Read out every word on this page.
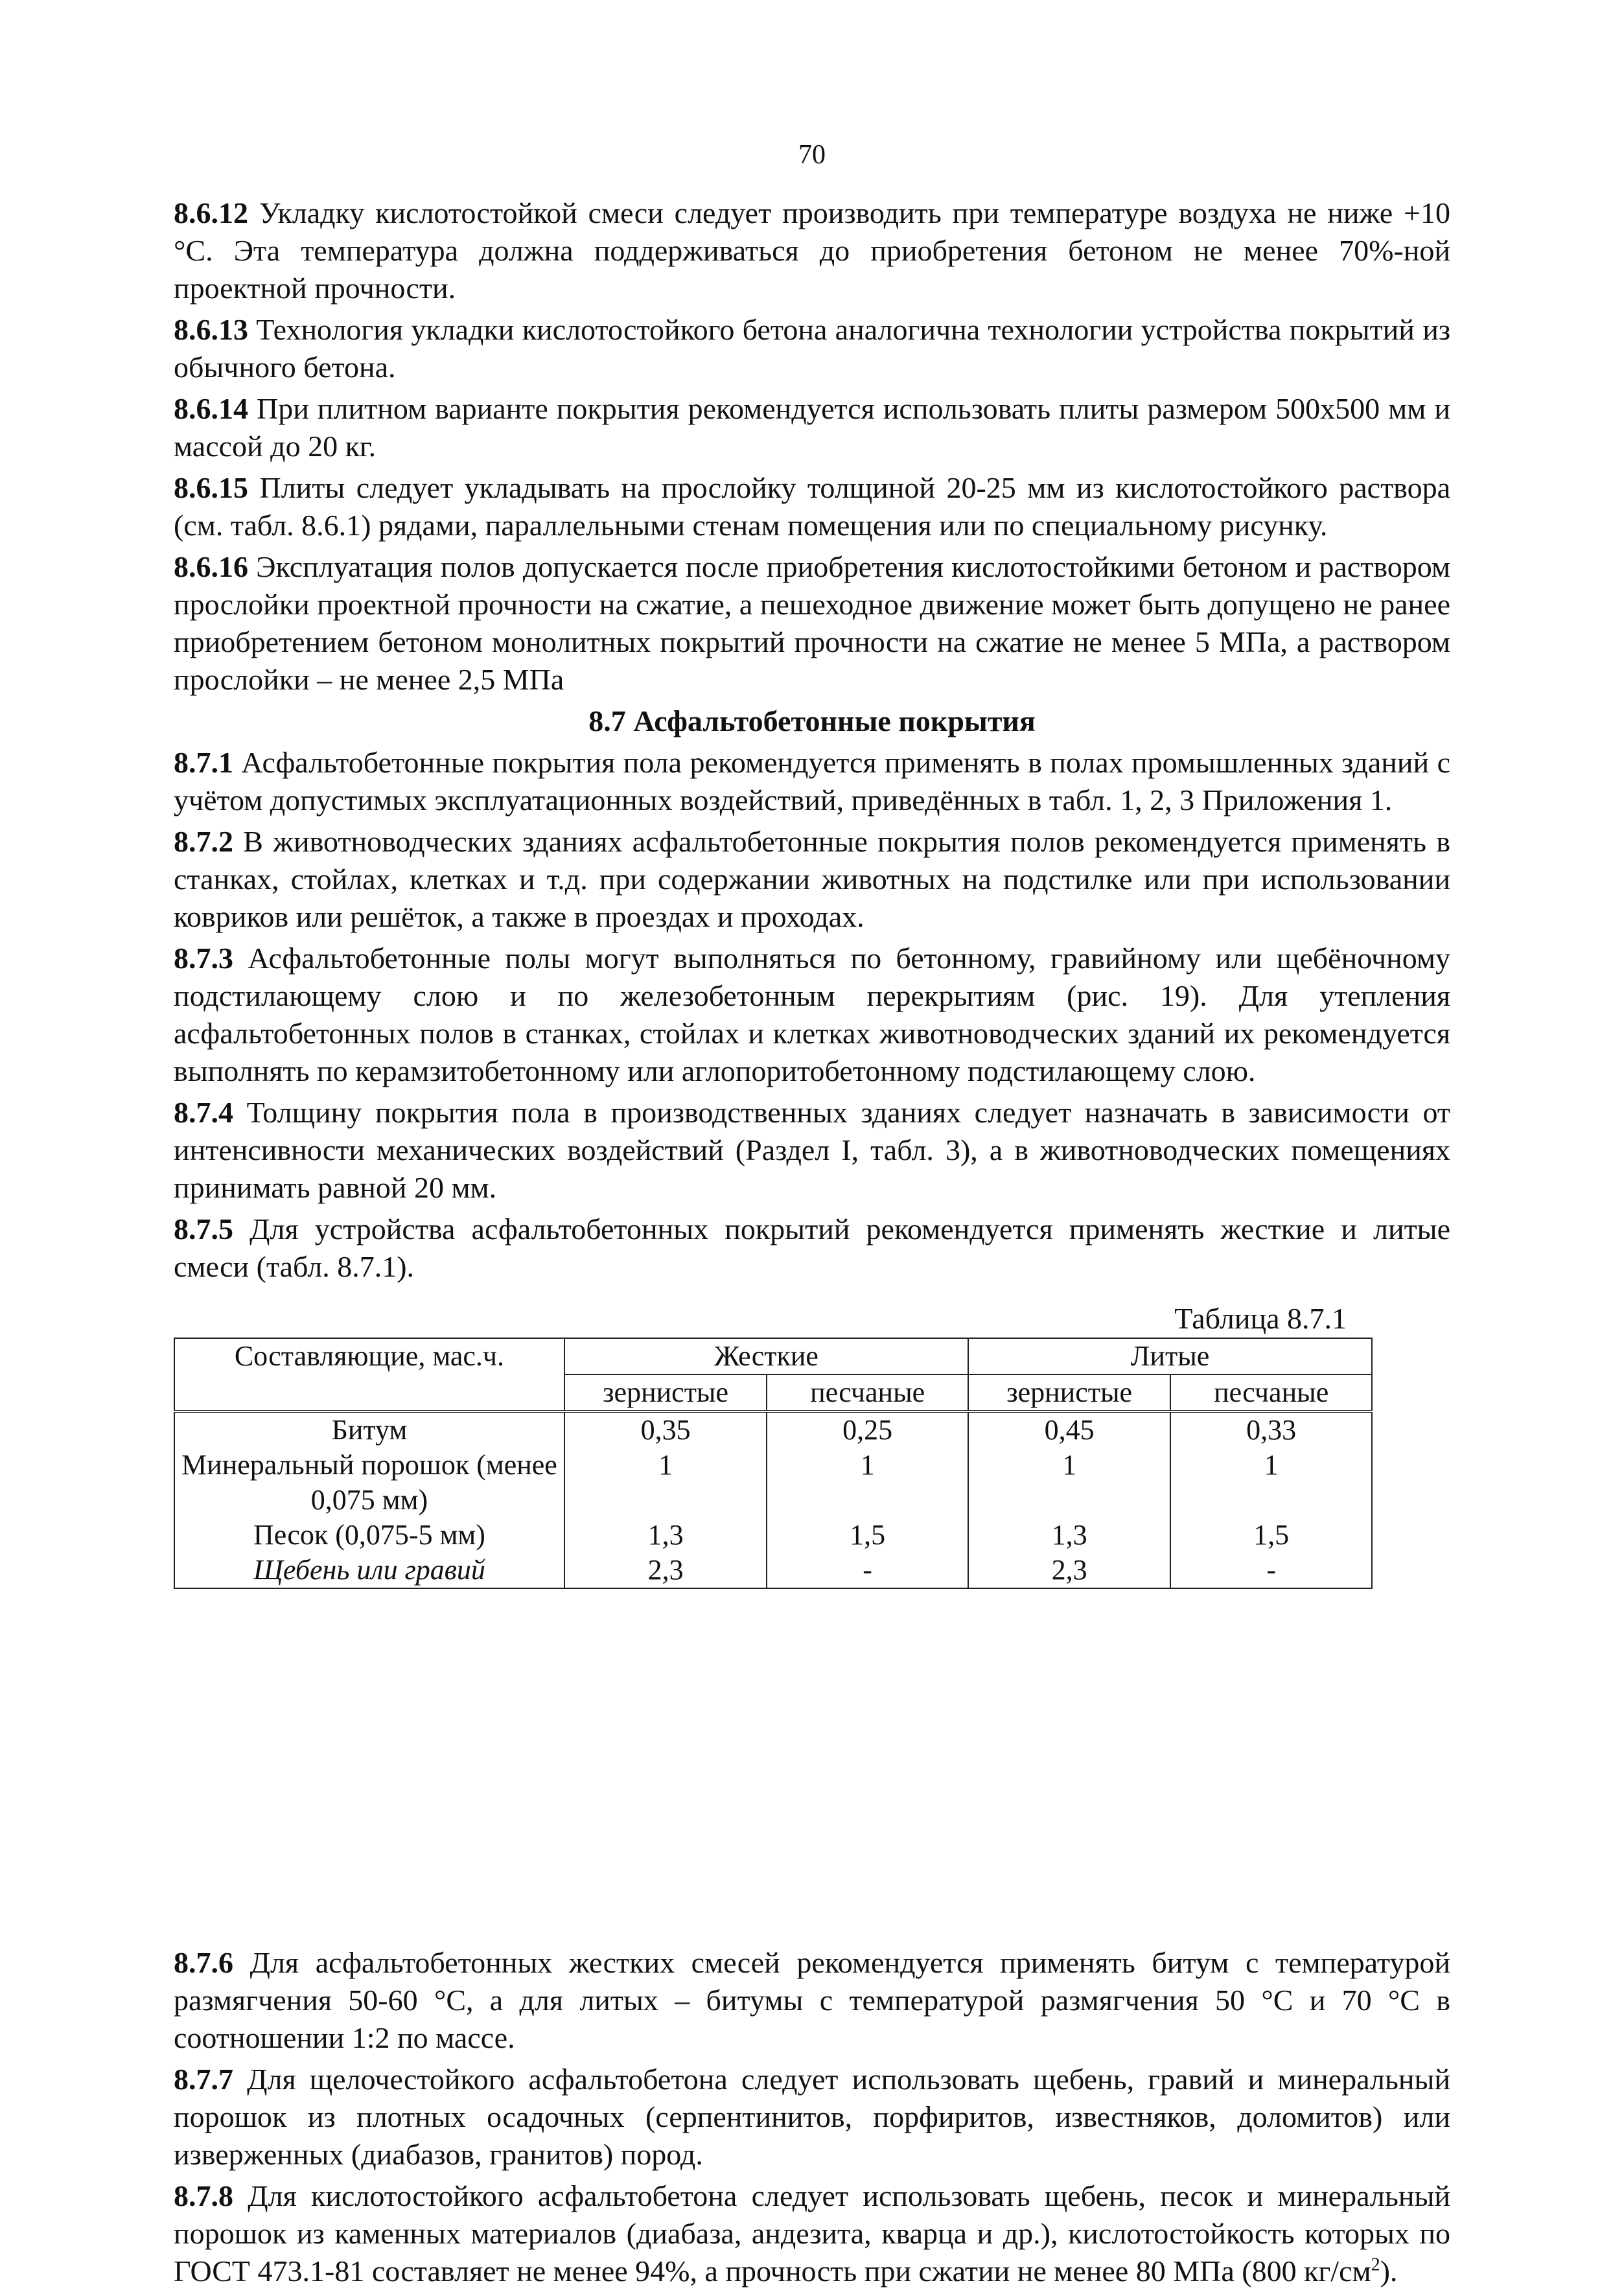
70

8.6.12 Укладку кислотостойкой смеси следует производить при температуре воздуха не ниже +10 °С. Эта температура должна поддерживаться до приобретения бетоном не менее 70%-ной проектной прочности.

8.6.13 Технология укладки кислотостойкого бетона аналогична технологии устройства покрытий из обычного бетона.

8.6.14 При плитном варианте покрытия рекомендуется использовать плиты размером 500х500 мм и массой до 20 кг.

8.6.15 Плиты следует укладывать на прослойку толщиной 20-25 мм из кислотостойкого раствора (см. табл. 8.6.1) рядами, параллельными стенам помещения или по специальному рисунку.

8.6.16 Эксплуатация полов допускается после приобретения кислотостойкими бетоном и раствором прослойки проектной прочности на сжатие, а пешеходное движение может быть допущено не ранее приобретением бетоном монолитных покрытий прочности на сжатие не менее 5 МПа, а раствором прослойки – не менее 2,5 МПа

8.7 Асфальтобетонные покрытия

8.7.1 Асфальтобетонные покрытия пола рекомендуется применять в полах промышленных зданий с учётом допустимых эксплуатационных воздействий, приведённых в табл. 1, 2, 3 Приложения 1.

8.7.2 В животноводческих зданиях асфальтобетонные покрытия полов рекомендуется применять в станках, стойлах, клетках и т.д. при содержании животных на подстилке или при использовании ковриков или решёток, а также в проездах и проходах.

8.7.3 Асфальтобетонные полы могут выполняться по бетонному, гравийному или щебёночному подстилающему слою и по железобетонным перекрытиям (рис. 19). Для утепления асфальтобетонных полов в станках, стойлах и клетках животноводческих зданий их рекомендуется выполнять по керамзитобетонному или аглопоритобетонному подстилающему слою.

8.7.4 Толщину покрытия пола в производственных зданиях следует назначать в зависимости от интенсивности механических воздействий (Раздел I, табл. 3), а в животноводческих помещениях принимать равной 20 мм.

8.7.5 Для устройства асфальтобетонных покрытий рекомендуется применять жесткие и литые смеси (табл. 8.7.1).

Таблица 8.7.1
Составляющие, мас.ч.	Жесткие		Литые	
	зернистые	песчаные	зернистые	песчаные
Битум	0,35	0,25	0,45	0,33
Минеральный порошок (менее 0,075 мм)	1	1	1	1
Песок (0,075-5 мм)	1,3	1,5	1,3	1,5
Щебень или гравий	2,3	-	2,3	-

8.7.6 Для асфальтобетонных жестких смесей рекомендуется применять битум с температурой размягчения 50-60 °С, а для литых – битумы с температурой размягчения 50 °С и 70 °С в соотношении 1:2 по массе.

8.7.7 Для щелочестойкого асфальтобетона следует использовать щебень, гравий и минеральный порошок из плотных осадочных (серпентинитов, порфиритов, известняков, доломитов) или изверженных (диабазов, гранитов) пород.

8.7.8 Для кислотостойкого асфальтобетона следует использовать щебень, песок и минеральный порошок из каменных материалов (диабаза, андезита, кварца и др.), кислотостойкость которых по ГОСТ 473.1-81 составляет не менее 94%, а прочность при сжатии не менее 80 МПа (800 $кг/см^2$).
